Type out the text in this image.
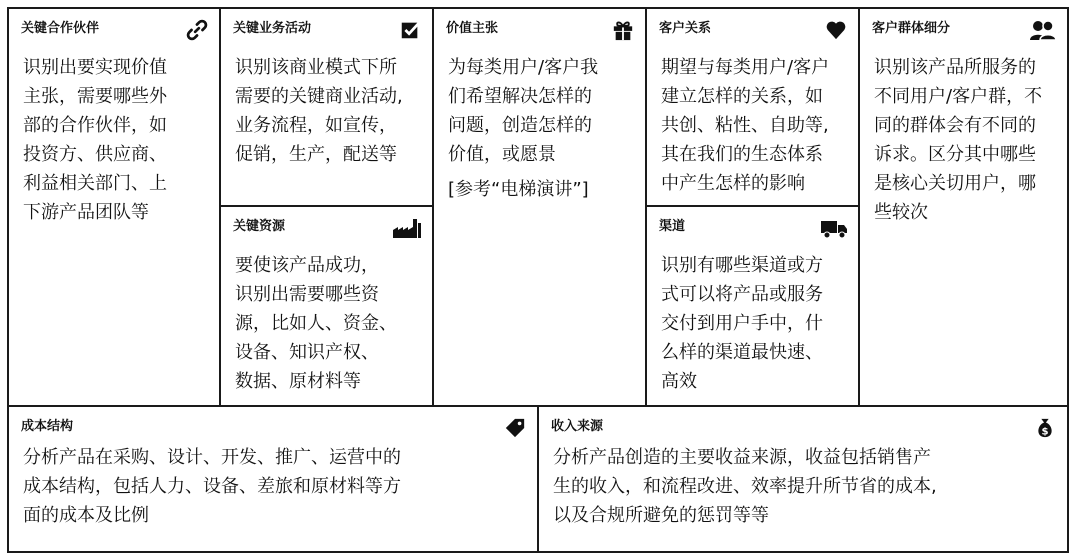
关键合作伙伴
识别出要实现价值
主张，需要哪些外
部的合作伙伴，如
投资方、供应商、
利益相关部门、上
下游产品团队等
关键业务活动
识别该商业模式下所
需要的关键商业活动,
业务流程，如宣传，
促销，生产，配送等
关键资源
要使该产品成功，
识别出需要哪些资
源，比如人、资金、
设备、知识产权、
数据、原材料等
价值主张
为每类用户/客户我
们希望解决怎样的
问题，创造怎样的
价值，或愿景
[参考“电梯演讲”]
客户关系
期望与每类用户/客户
建立怎样的关系，如
共创、粘性、自助等,
其在我们的生态体系
中产生怎样的影响
渠道
识别有哪些渠道或方
式可以将产品或服务
交付到用户手中，什
么样的渠道最快速、
高效
客户群体细分
识别该产品所服务的
不同用户/客户群，不
同的群体会有不同的
诉求。区分其中哪些
是核心关切用户，哪
些较次
成本结构
分析产品在采购、设计、开发、推广、运营中的
成本结构，包括人力、设备、差旅和原材料等方
面的成本及比例
收入来源	$
分析产品创造的主要收益来源，收益包括销售产
生的收入，和流程改进、效率提升所节省的成本,
以及合规所避免的惩罚等等
